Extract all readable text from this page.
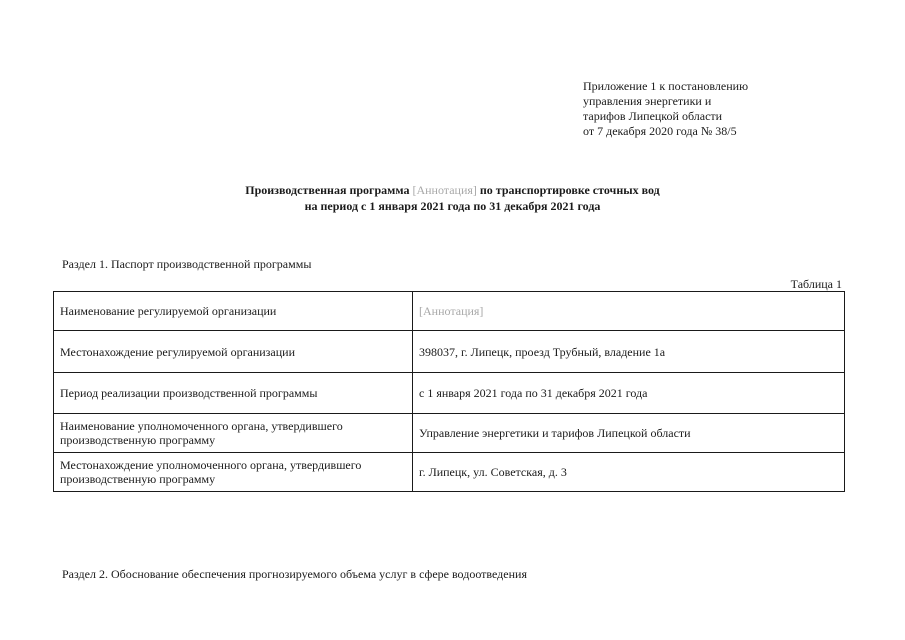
Приложение 1 к постановлению
управления энергетики и
тарифов Липецкой области
от 7 декабря 2020 года № 38/5
Производственная программа [Аннотация] по транспортировке сточных вод
на период с 1 января 2021 года по 31 декабря 2021 года
Раздел 1. Паспорт производственной программы
Таблица 1
Наименование регулируемой организации	[Аннотация]
Местонахождение регулируемой организации	398037, г. Липецк, проезд Трубный, владение 1а
Период реализации производственной программы	с 1 января 2021 года по 31 декабря 2021 года
Наименование уполномоченного органа, утвердившего производственную программу	Управление энергетики и тарифов Липецкой области
Местонахождение уполномоченного органа, утвердившего производственную программу	г. Липецк, ул. Советская, д. 3
Раздел 2. Обоснование обеспечения прогнозируемого объема услуг в сфере водоотведения
